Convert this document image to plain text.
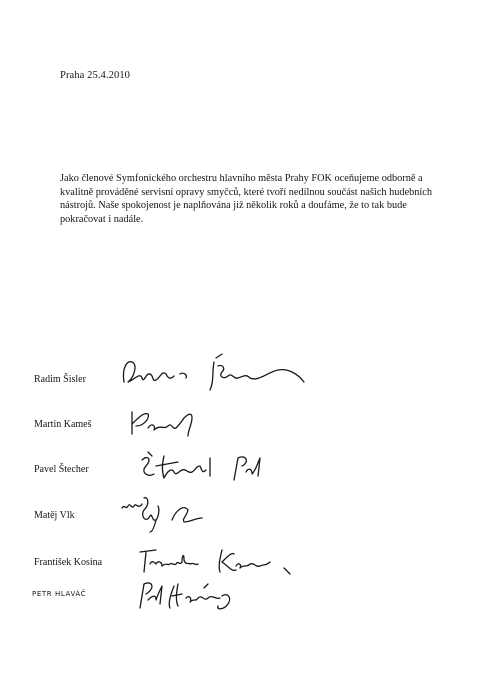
Praha 25.4.2010

Jako členové Symfonického orchestru hlavního města Prahy FOK oceňujeme odborně a
kvalitně prováděné servisní opravy smyčců, které tvoří nedílnou součást našich hudebních
nástrojů. Naše spokojenost je naplňována již několik roků a doufáme, že to tak bude
pokračovat i nadále.

Radim Šisler
Martin Kameš
Pavel Štecher
Matěj Vlk
František Kosina
PETR HLAVÁČ
